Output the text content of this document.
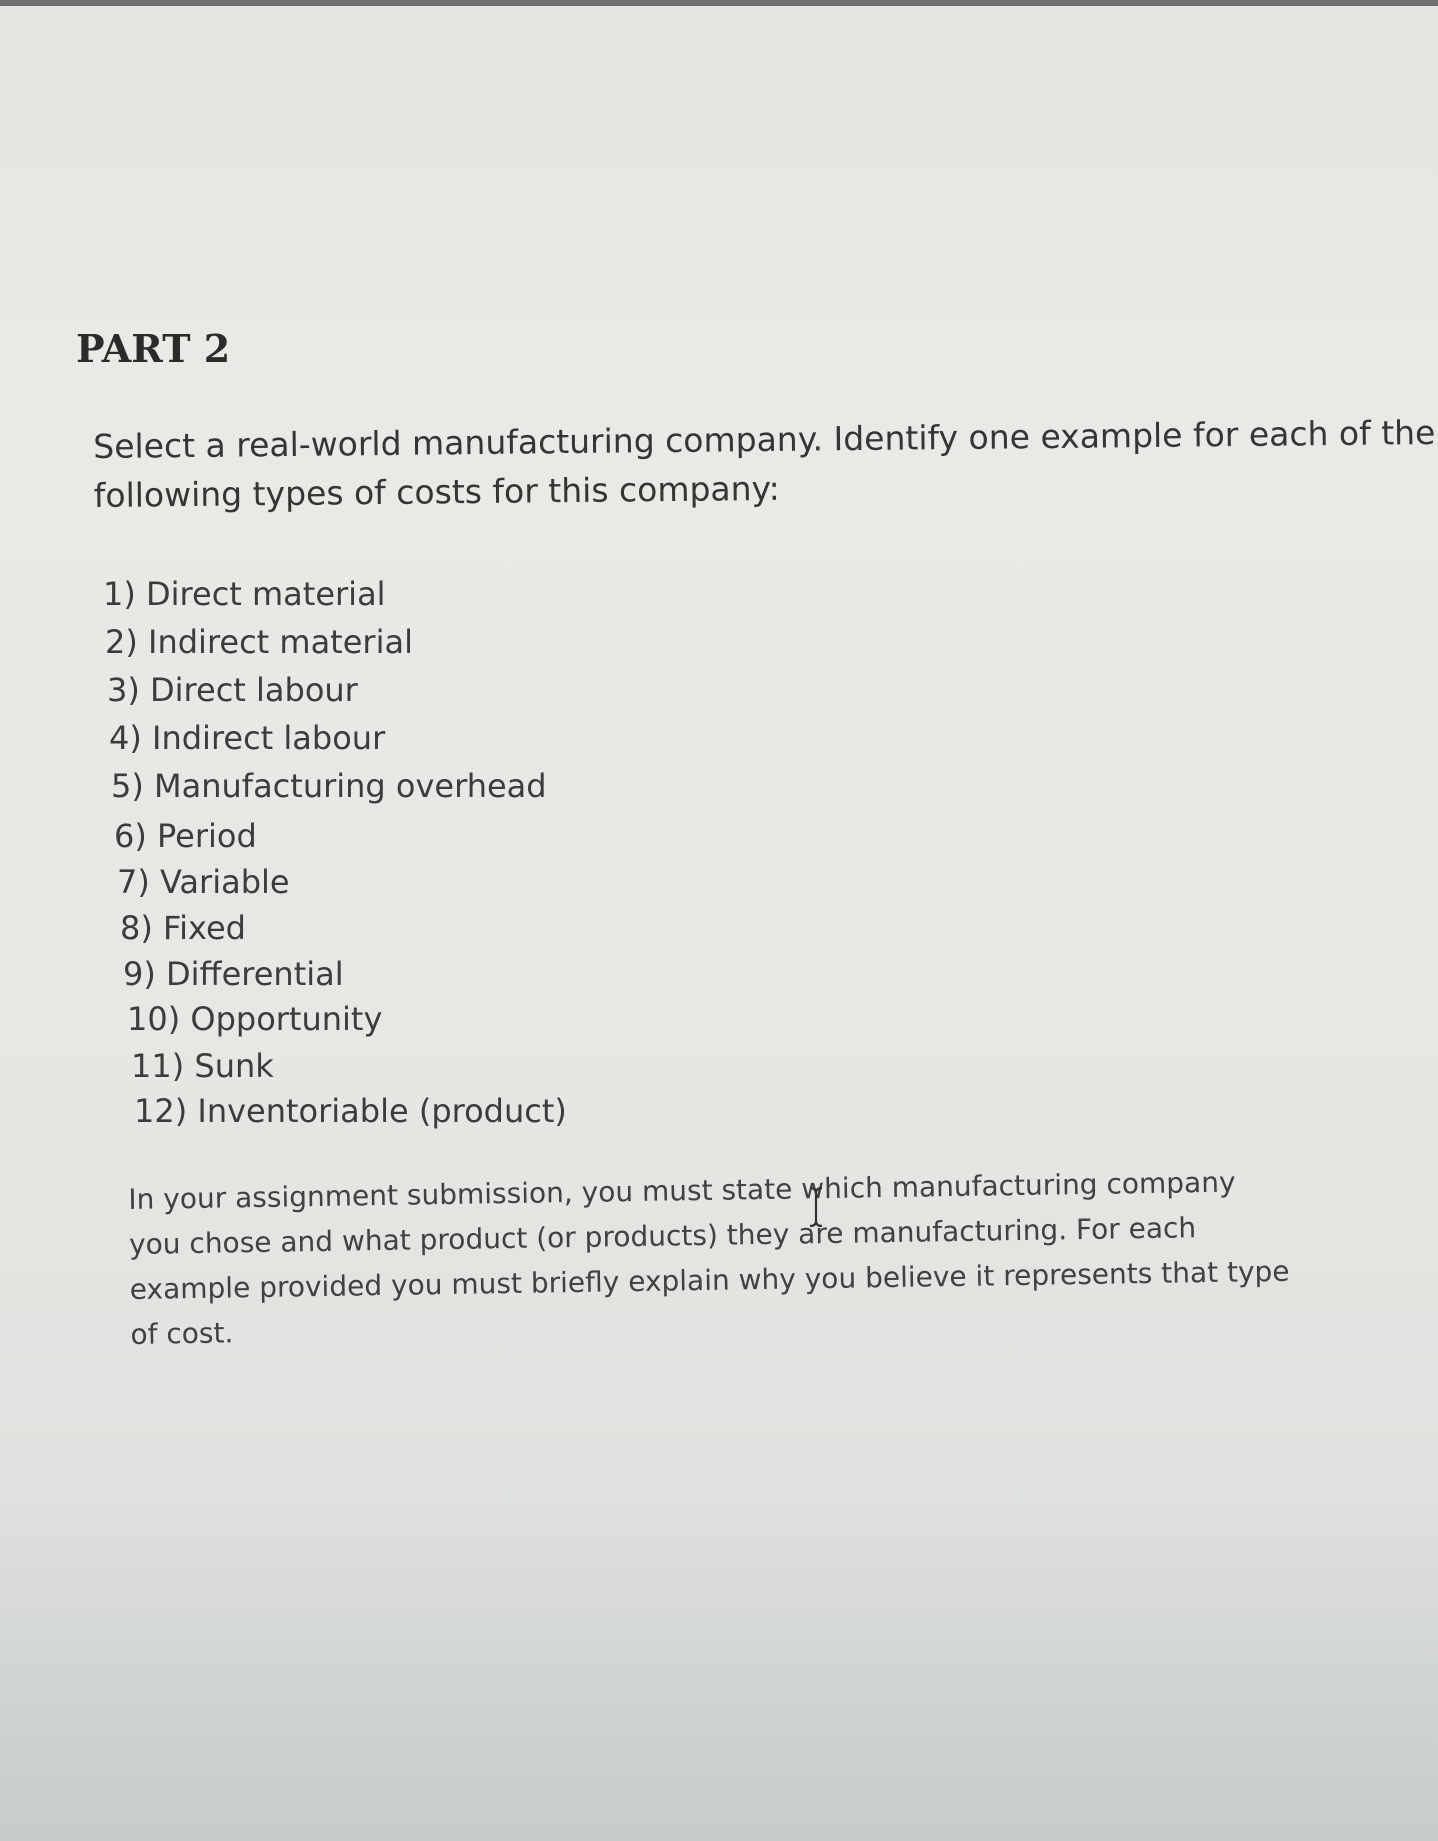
PART 2

Select a real-world manufacturing company. Identify one example for each of the
following types of costs for this company:

1) Direct material
2) Indirect material
3) Direct labour
4) Indirect labour
5) Manufacturing overhead
6) Period
7) Variable
8) Fixed
9) Differential
10) Opportunity
11) Sunk
12) Inventoriable (product)

In your assignment submission, you must state which manufacturing company
you chose and what product (or products) they are manufacturing. For each
example provided you must briefly explain why you believe it represents that type
of cost.
